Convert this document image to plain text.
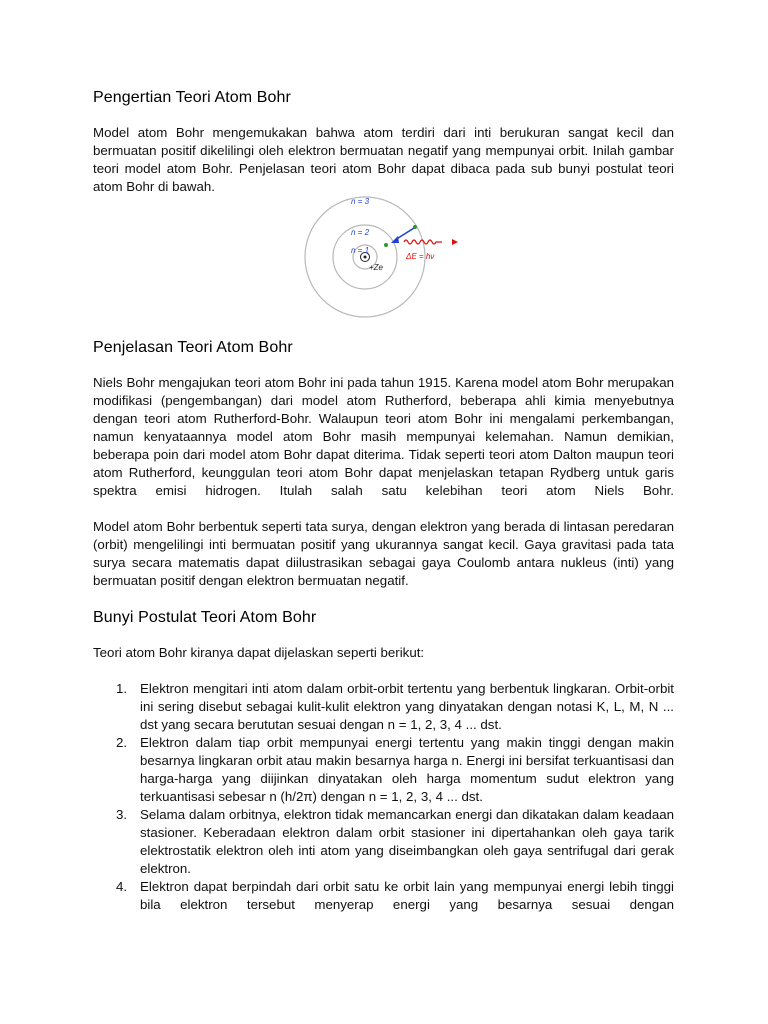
Pengertian Teori Atom Bohr

Model atom Bohr mengemukakan bahwa atom terdiri dari inti berukuran sangat kecil dan bermuatan positif dikelilingi oleh elektron bermuatan negatif yang mempunyai orbit. Inilah gambar teori model atom Bohr. Penjelasan teori atom Bohr dapat dibaca pada sub bunyi postulat teori atom Bohr di bawah.

+Ze
n = 3
n = 2
n = 1
ΔE = hν
Penjelasan Teori Atom Bohr

Niels Bohr mengajukan teori atom Bohr ini pada tahun 1915. Karena model atom Bohr merupakan modifikasi (pengembangan) dari model atom Rutherford, beberapa ahli kimia menyebutnya dengan teori atom Rutherford-Bohr. Walaupun teori atom Bohr ini mengalami perkembangan, namun kenyataannya model atom Bohr masih mempunyai kelemahan. Namun demikian, beberapa poin dari model atom Bohr dapat diterima. Tidak seperti teori atom Dalton maupun teori atom Rutherford, keunggulan teori atom Bohr dapat menjelaskan tetapan Rydberg untuk garis spektra emisi hidrogen. Itulah salah satu kelebihan teori atom Niels Bohr.

Model atom Bohr berbentuk seperti tata surya, dengan elektron yang berada di lintasan peredaran (orbit) mengelilingi inti bermuatan positif yang ukurannya sangat kecil. Gaya gravitasi pada tata surya secara matematis dapat diilustrasikan sebagai gaya Coulomb antara nukleus (inti) yang bermuatan positif dengan elektron bermuatan negatif.

Bunyi Postulat Teori Atom Bohr

Teori atom Bohr kiranya dapat dijelaskan seperti berikut:

1. Elektron mengitari inti atom dalam orbit-orbit tertentu yang berbentuk lingkaran. Orbit-orbit ini sering disebut sebagai kulit-kulit elektron yang dinyatakan dengan notasi K, L, M, N ... dst yang secara berututan sesuai dengan n = 1, 2, 3, 4 ... dst.
2. Elektron dalam tiap orbit mempunyai energi tertentu yang makin tinggi dengan makin besarnya lingkaran orbit atau makin besarnya harga n. Energi ini bersifat terkuantisasi dan harga-harga yang diijinkan dinyatakan oleh harga momentum sudut elektron yang terkuantisasi sebesar n (h/2π) dengan n = 1, 2, 3, 4 ... dst.
3. Selama dalam orbitnya, elektron tidak memancarkan energi dan dikatakan dalam keadaan stasioner. Keberadaan elektron dalam orbit stasioner ini dipertahankan oleh gaya tarik elektrostatik elektron oleh inti atom yang diseimbangkan oleh gaya sentrifugal dari gerak elektron.
4. Elektron dapat berpindah dari orbit satu ke orbit lain yang mempunyai energi lebih tinggi bila elektron tersebut menyerap energi yang besarnya sesuai dengan
